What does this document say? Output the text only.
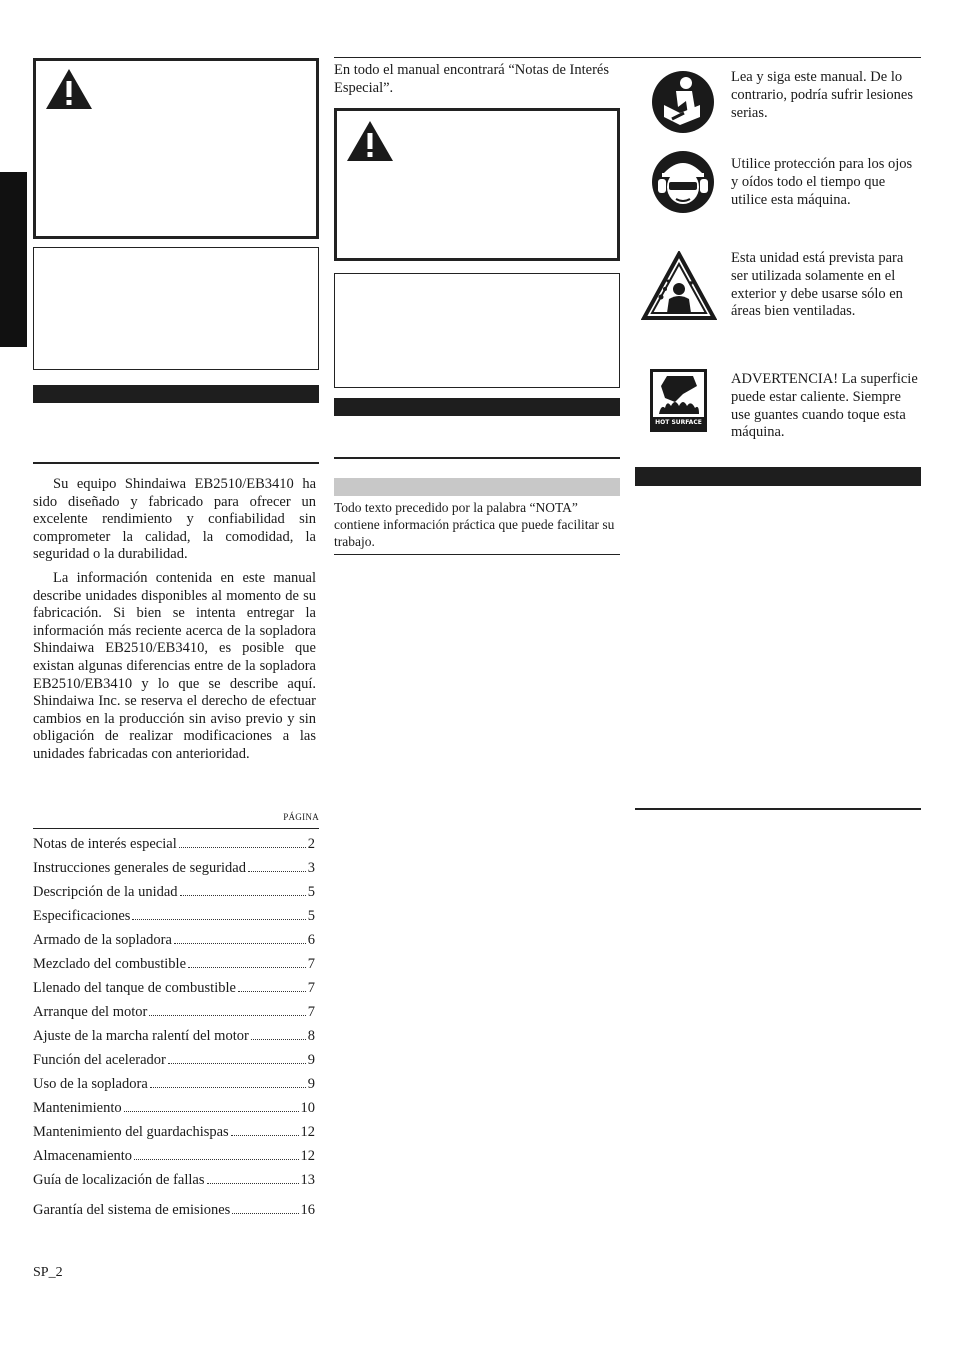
Su equipo Shindaiwa EB2510/EB3410 ha sido diseñado y fabricado para ofrecer un excelente rendimiento y confiabilidad sin comprometer la calidad, la comodidad, la seguridad o la durabilidad.

La información contenida en este manual describe unidades disponibles al momento de su fabricación. Si bien se intenta entregar la información más reciente acerca de la sopladora Shindaiwa EB2510/EB3410, es posible que existan algunas diferencias entre de la sopladora EB2510/EB3410 y lo que se describe aquí. Shindaiwa Inc. se reserva el derecho de efectuar cambios en la producción sin aviso previo y sin obligación de realizar modificaciones a las unidades fabricadas con anterioridad.

PÁGINA
Notas de interés especial	2
Instrucciones generales de seguridad	3
Descripción de la unidad	5
Especificaciones	5
Armado de la sopladora	6
Mezclado del combustible	7
Llenado del tanque de combustible	7
Arranque del motor	7
Ajuste de la marcha ralentí del motor	8
Función del acelerador	9
Uso de la sopladora	9
Mantenimiento	10
Mantenimiento del guardachispas	12
Almacenamiento	12
Guía de localización de fallas	13
Garantía del sistema de emisiones	16
SP_2

En todo el manual encontrará “Notas de Interés Especial”.

Todo texto precedido por la palabra “NOTA” contiene información práctica que puede facilitar su trabajo.

Lea y siga este manual. De lo contrario, podría sufrir lesiones serias.

Utilice protección para los ojos y oídos todo el tiempo que utilice esta máquina.

Esta unidad está prevista para ser utilizada solamente en el exterior y debe usarse sólo en áreas bien ventiladas.

HOT SURFACE

ADVERTENCIA! La superficie puede estar caliente. Siempre use guantes cuando toque esta máquina.
